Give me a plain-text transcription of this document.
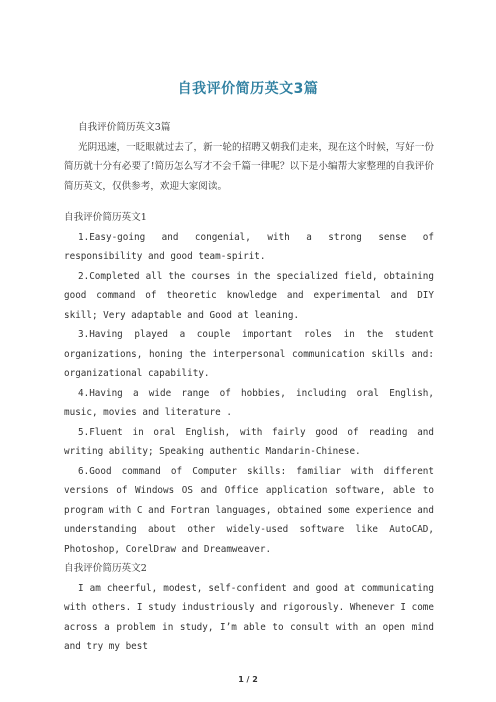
自我评价简历英文3篇

自我评价简历英文3篇

光阴迅速，一眨眼就过去了，新一轮的招聘又朝我们走来，现在这个时候，写好一份简历就十分有必要了!简历怎么写才不会千篇一律呢？以下是小编帮大家整理的自我评价简历英文，仅供参考，欢迎大家阅读。

自我评价简历英文1

1.Easy-going and congenial, with a strong sense of responsibility and good team-spirit.

2.Completed all the courses in the specialized field, obtaining good command of theoretic knowledge and experimental and DIY skill; Very adaptable and Good at leaning.

3.Having played a couple important roles in the student organizations, honing the interpersonal communication skills and: organizational capability.

4.Having a wide range of hobbies, including oral English, music, movies and literature .

5.Fluent in oral English, with fairly good of reading and writing ability; Speaking authentic Mandarin-Chinese.

6.Good command of Computer skills: familiar with different versions of Windows OS and Office application software, able to program with C and Fortran languages, obtained some experience and understanding about other widely-used software like AutoCAD, Photoshop, CorelDraw and Dreamweaver.

自我评价简历英文2

I am cheerful, modest, self-confident and good at communicating with others. I study industriously and rigorously. Whenever I come across a problem in study, I’m able to consult with an open mind and try my best

1 / 2
